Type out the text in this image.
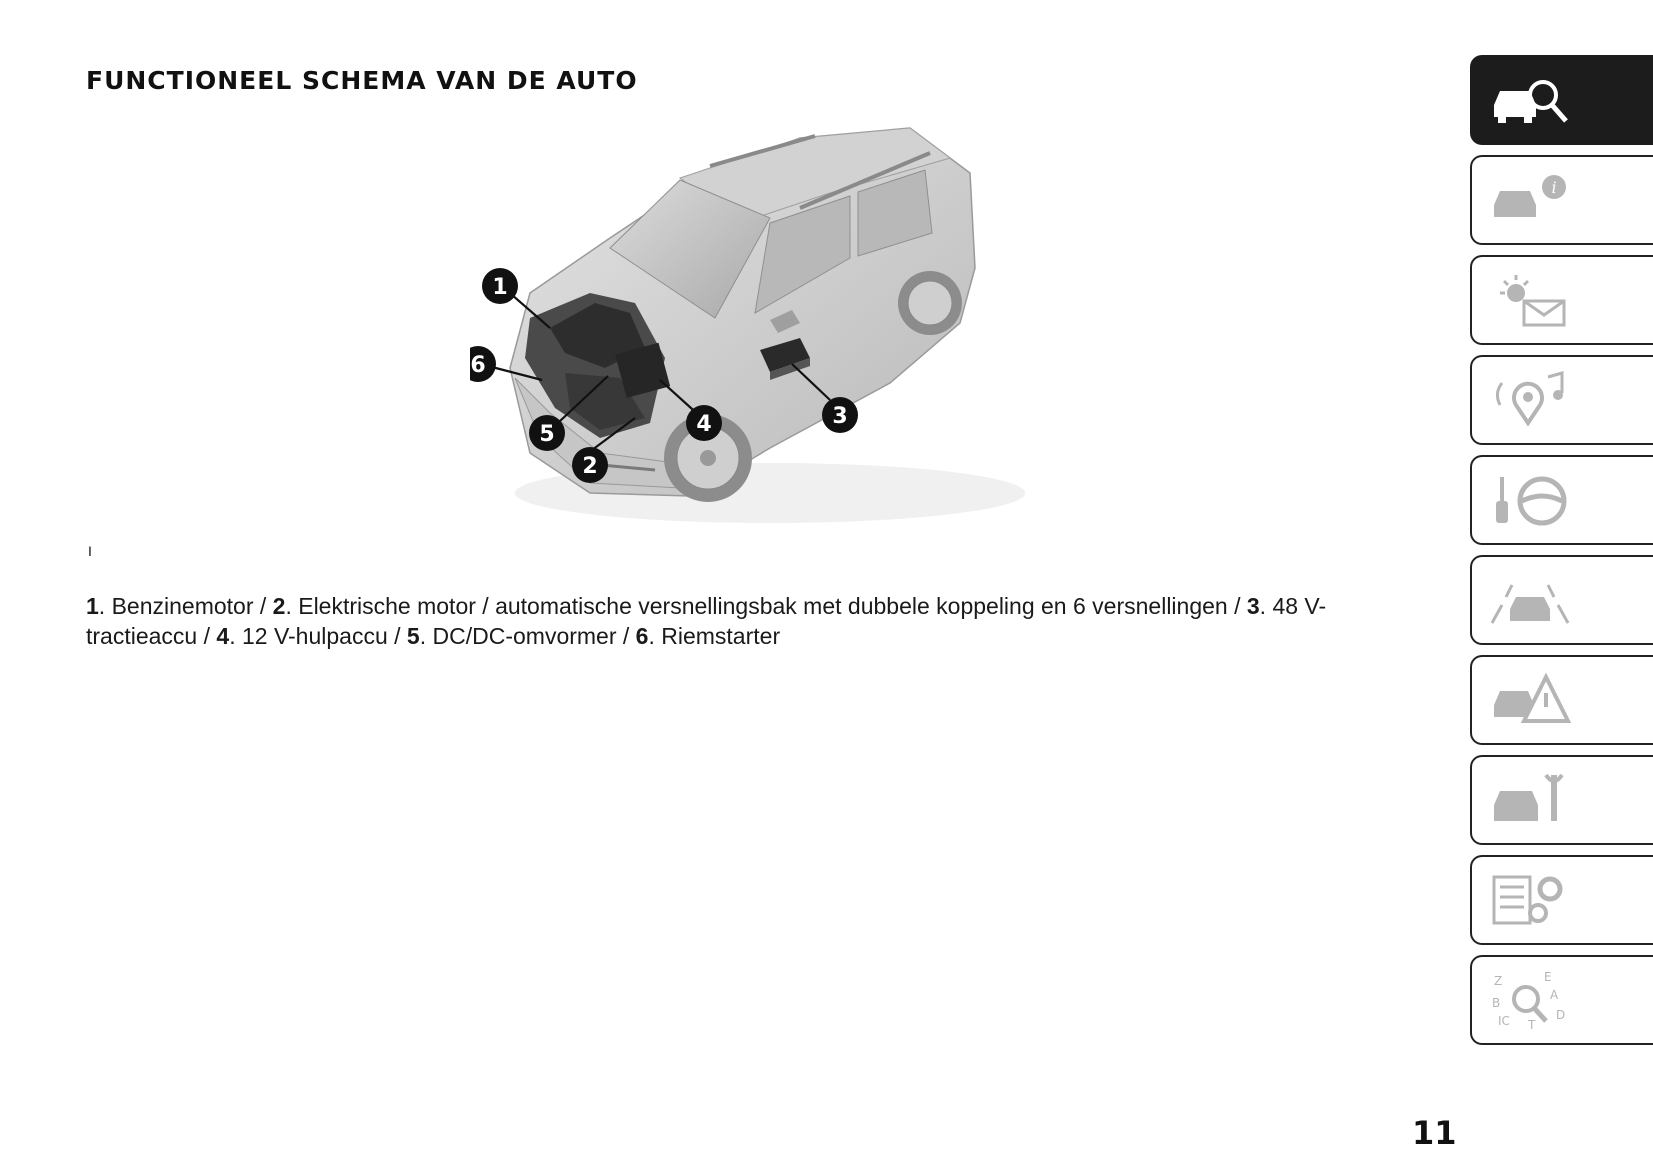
FUNCTIONEEL SCHEMA VAN DE AUTO
1
2
3
4
5
6
I

1. Benzinemotor / 2. Elektrische motor / automatische versnellingsbak met dubbele koppeling en 6 versnellingen / 3. 48 V-tractieaccu / 4. 12 V-hulpaccu / 5. DC/DC-omvormer / 6. Riemstarter

11
i
Z	E
A
B
IC T
D
